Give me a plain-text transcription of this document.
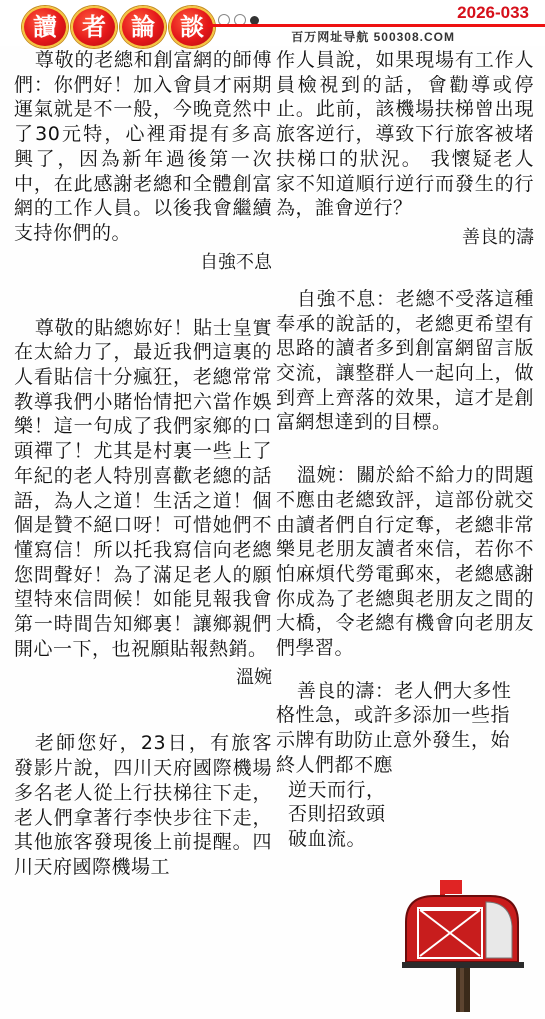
讀	者	論	談	2026-033
百万网址导航 500308.COM

尊敬的老總和創富網的師傅們：你們好！加入會員才兩期運氣就是不一般，今晚竟然中了30元特，心裡甭提有多高興了，因為新年過後第一次中，在此感謝老總和全體創富網的工作人員。以後我會繼續支持你們的。

自強不息

尊敬的貼總妳好！貼士皇實在太給力了，最近我們這裏的人看貼信十分瘋狂，老總常常教導我們小賭怡情把六當作娛樂！這一句成了我們家鄉的口頭禪了！尤其是村裏一些上了年紀的老人特別喜歡老總的話語，為人之道！生活之道！個個是贊不絕口呀！可惜她們不懂寫信！所以托我寫信向老總您問聲好！為了滿足老人的願望特來信問候！如能見報我會第一時間告知鄉裏！讓鄉親們開心一下，也祝願貼報熱銷。

溫婉

老師您好，23日，有旅客發影片說，四川天府國際機場多名老人從上行扶梯往下走，老人們拿著行李快步往下走，其他旅客發現後上前提醒。四川天府國際機場工

作人員說，如果現場有工作人員檢視到的話，會勸導或停止。此前，該機場扶梯曾出現旅客逆行，導致下行旅客被堵扶梯口的狀況。 我懷疑老人家不知道順行逆行而發生的行為，誰會逆行？

善良的濤

自強不息：老總不受落這種奉承的說話的，老總更希望有思路的讀者多到創富網留言版交流，讓整群人一起向上，做到齊上齊落的效果，這才是創富網想達到的目標。

溫婉：關於給不給力的問題不應由老總致評，這部份就交由讀者們自行定奪，老總非常樂見老朋友讀者來信，若你不怕麻煩代勞電郵來，老總感謝你成為了老總與老朋友之間的大橋，令老總有機會向老朋友們學習。

善良的濤：老人們大多性
格性急，或許多添加一些指
示牌有助防止意外發生，始
終人們都不應
逆天而行，
否則招致頭
破血流。
